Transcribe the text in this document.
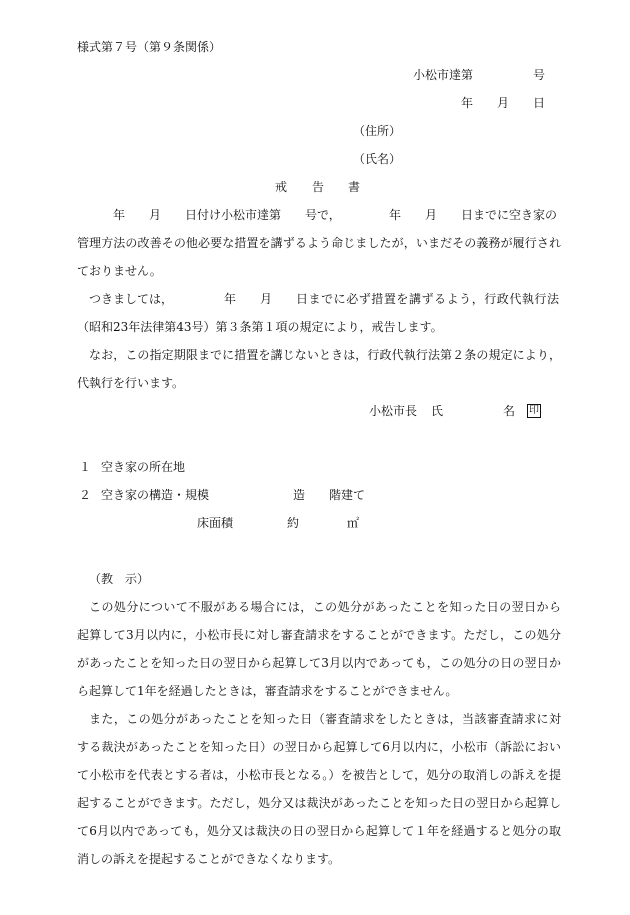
様式第７号（第９条関係）
小松市達第	号
年 月 日
（住所）
（氏名）
戒 告 書
年 月 日付け小松市達第 号で，	年 月 日までに空き家の
管理方法の改善その他必要な措置を講ずるよう命じましたが，いまだその義務が履行され
ておりません。
つきましては，	年 月 日までに必ず措置を講ずるよう，行政代執行法
（昭和23年法律第43号）第３条第１項の規定により，戒告します。
なお，この指定期限までに措置を講じないときは，行政代執行法第２条の規定により，
代執行を行います。
小松市長 氏	名 印
１ 空き家の所在地
２ 空き家の構造・規模	造 階建て
床面積	約	㎡
（教　示）
この処分について不服がある場合には，この処分があったことを知った日の翌日から
起算して3月以内に，小松市長に対し審査請求をすることができます。ただし，この処分
があったことを知った日の翌日から起算して3月以内であっても，この処分の日の翌日か
ら起算して1年を経過したときは，審査請求をすることができません。
また，この処分があったことを知った日（審査請求をしたときは，当該審査請求に対
する裁決があったことを知った日）の翌日から起算して6月以内に，小松市（訴訟におい
て小松市を代表とする者は，小松市長となる。）を被告として，処分の取消しの訴えを提
起することができます。ただし，処分又は裁決があったことを知った日の翌日から起算し
て6月以内であっても，処分又は裁決の日の翌日から起算して１年を経過すると処分の取
消しの訴えを提起することができなくなります。
